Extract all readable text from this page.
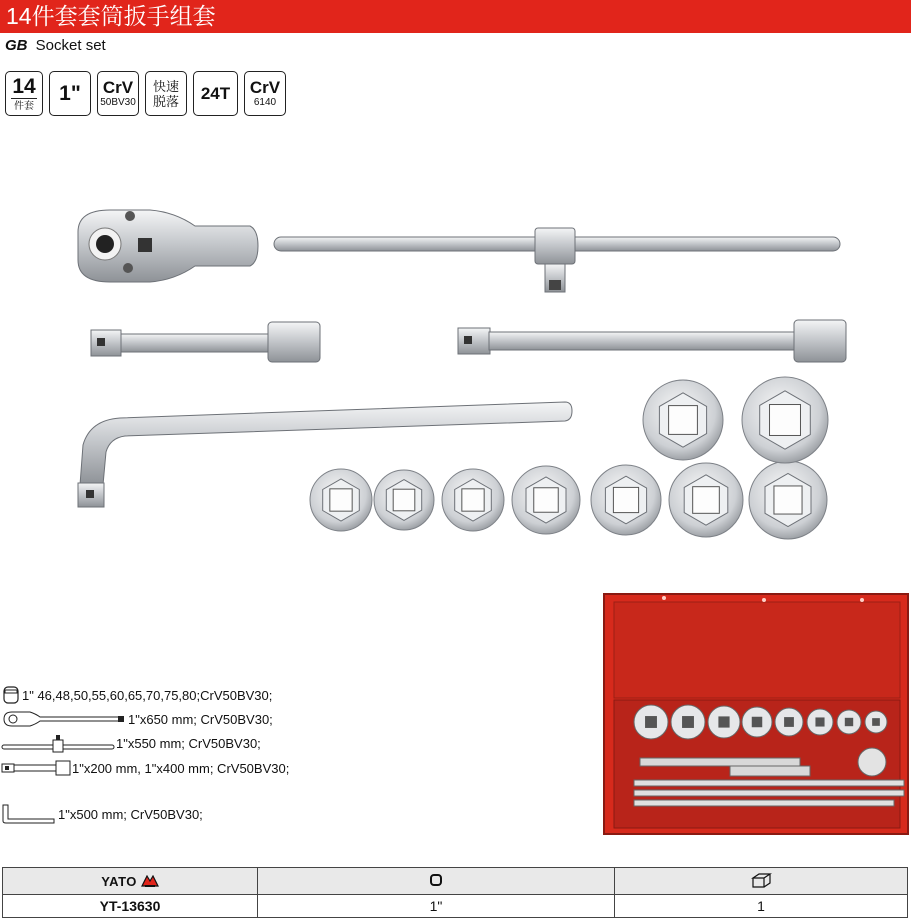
14件套套筒扳手组套
GB Socket set
14
件套
1" CrV
50BV30
快速
脱落 24T CrV
6140
1" 46,48,50,55,60,65,70,75,80;CrV50BV30;
1"x650 mm; CrV50BV30;
1"x550 mm; CrV50BV30;
1"x200 mm, 1"x400 mm; CrV50BV30;
1"x500 mm; CrV50BV30;
YATO		
YT-13630	1"	1
